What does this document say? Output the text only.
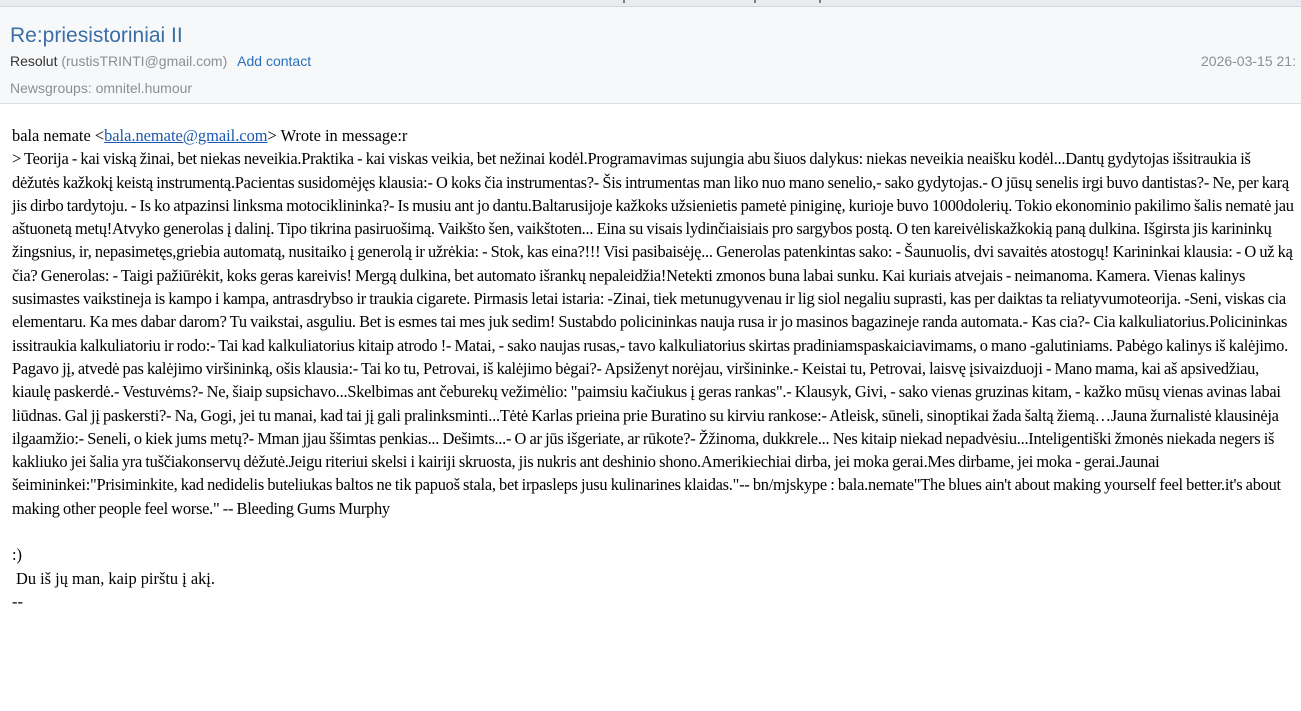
Re:priesistoriniai II
Resolut (rustisTRINTI@gmail.com) Add contact	2026-03-15 21:
Newsgroups: omnitel.humour

bala nemate <bala.nemate@gmail.com> Wrote in message:r

> Teorija - kai viską žinai, bet niekas neveikia.Praktika - kai viskas veikia, bet nežinai kodėl.Programavimas sujungia abu šiuos dalykus: niekas neveikia neaišku kodėl...Dantų gydytojas išsitraukia iš dėžutės kažkokį keistą instrumentą.Pacientas susidomėjęs klausia:- O koks čia instrumentas?- Šis intrumentas man liko nuo mano senelio,- sako gydytojas.- O jūsų senelis irgi buvo dantistas?- Ne, per karą jis dirbo tardytoju. - Is ko atpazinsi linksma motociklininka?- Is musiu ant jo dantu.Baltarusijoje kažkoks užsienietis pametė piniginę, kurioje buvo 1000dolerių. Tokio ekonominio pakilimo šalis nematė jau aštuonetą metų!Atvyko generolas į dalinį. Tipo tikrina pasiruošimą. Vaikšto šen, vaikštoten... Eina su visais lydinčiaisiais pro sargybos postą. O ten kareivėliskažkokią paną dulkina. Išgirsta jis karininkų žingsnius, ir, nepasimetęs,griebia automatą, nusitaiko į generolą ir užrėkia: - Stok, kas eina?!!! Visi pasibaisėję... Generolas patenkintas sako: - Šaunuolis, dvi savaitės atostogų! Karininkai klausia: - O už ką čia? Generolas: - Taigi pažiūrėkit, koks geras kareivis! Mergą dulkina, bet automato išrankų nepaleidžia!Netekti zmonos buna labai sunku. Kai kuriais atvejais - neimanoma. Kamera. Vienas kalinys susimastes vaikstineja is kampo i kampa, antrasdrybso ir traukia cigarete. Pirmasis letai istaria: -Zinai, tiek metunugyvenau ir lig siol negaliu suprasti, kas per daiktas ta reliatyvumoteorija. -Seni, viskas cia elementaru. Ka mes dabar darom? Tu vaikstai, asguliu. Bet is esmes tai mes juk sedim! Sustabdo policininkas nauja rusa ir jo masinos bagazineje randa automata.- Kas cia?- Cia kalkuliatorius.Policininkas issitraukia kalkuliatoriu ir rodo:- Tai kad kalkuliatorius kitaip atrodo !- Matai, - sako naujas rusas,- tavo kalkuliatorius skirtas pradiniamspaskaiciavimams, o mano -galutiniams. Pabėgo kalinys iš kalėjimo. Pagavo jį, atvedė pas kalėjimo viršininką, ošis klausia:- Tai ko tu, Petrovai, iš kalėjimo bėgai?- Apsiženyt norėjau, viršininke.- Keistai tu, Petrovai, laisvę įsivaizduoji - Mano mama, kai aš apsivedžiau, kiaulę paskerdė.- Vestuvėms?- Ne, šiaip supsichavo...Skelbimas ant čeburekų vežimėlio: "paimsiu kačiukus į geras rankas".- Klausyk, Givi, - sako vienas gruzinas kitam, - kažko mūsų vienas avinas labai liūdnas. Gal jį paskersti?- Na, Gogi, jei tu manai, kad tai jį gali pralinksminti...Tėtė Karlas prieina prie Buratino su kirviu rankose:- Atleisk, sūneli, sinoptikai žada šaltą žiemą…Jauna žurnalistė klausinėja ilgaamžio:- Seneli, o kiek jums metų?- Mman jjau ššimtas penkias... Dešimts...- O ar jūs išgeriate, ar rūkote?- Žžinoma, dukkrele... Nes kitaip niekad nepadvėsiu...Inteligentiški žmonės niekada negers iš kakliuko jei šalia yra tuščiakonservų dėžutė.Jeigu riteriui skelsi i kairiji skruosta, jis nukris ant deshinio shono.Amerikiechiai dirba, jei moka gerai.Mes dirbame, jei moka - gerai.Jaunai šeimininkei:"Prisiminkite, kad nedidelis buteliukas baltos ne tik papuoš stala, bet irpasleps jusu kulinarines klaidas."-- bn/mjskype : bala.nemate"The blues ain't about making yourself feel better.it's about making other people feel worse." -- Bleeding Gums Murphy

:)

Du iš jų man, kaip pirštu į akį.

--
